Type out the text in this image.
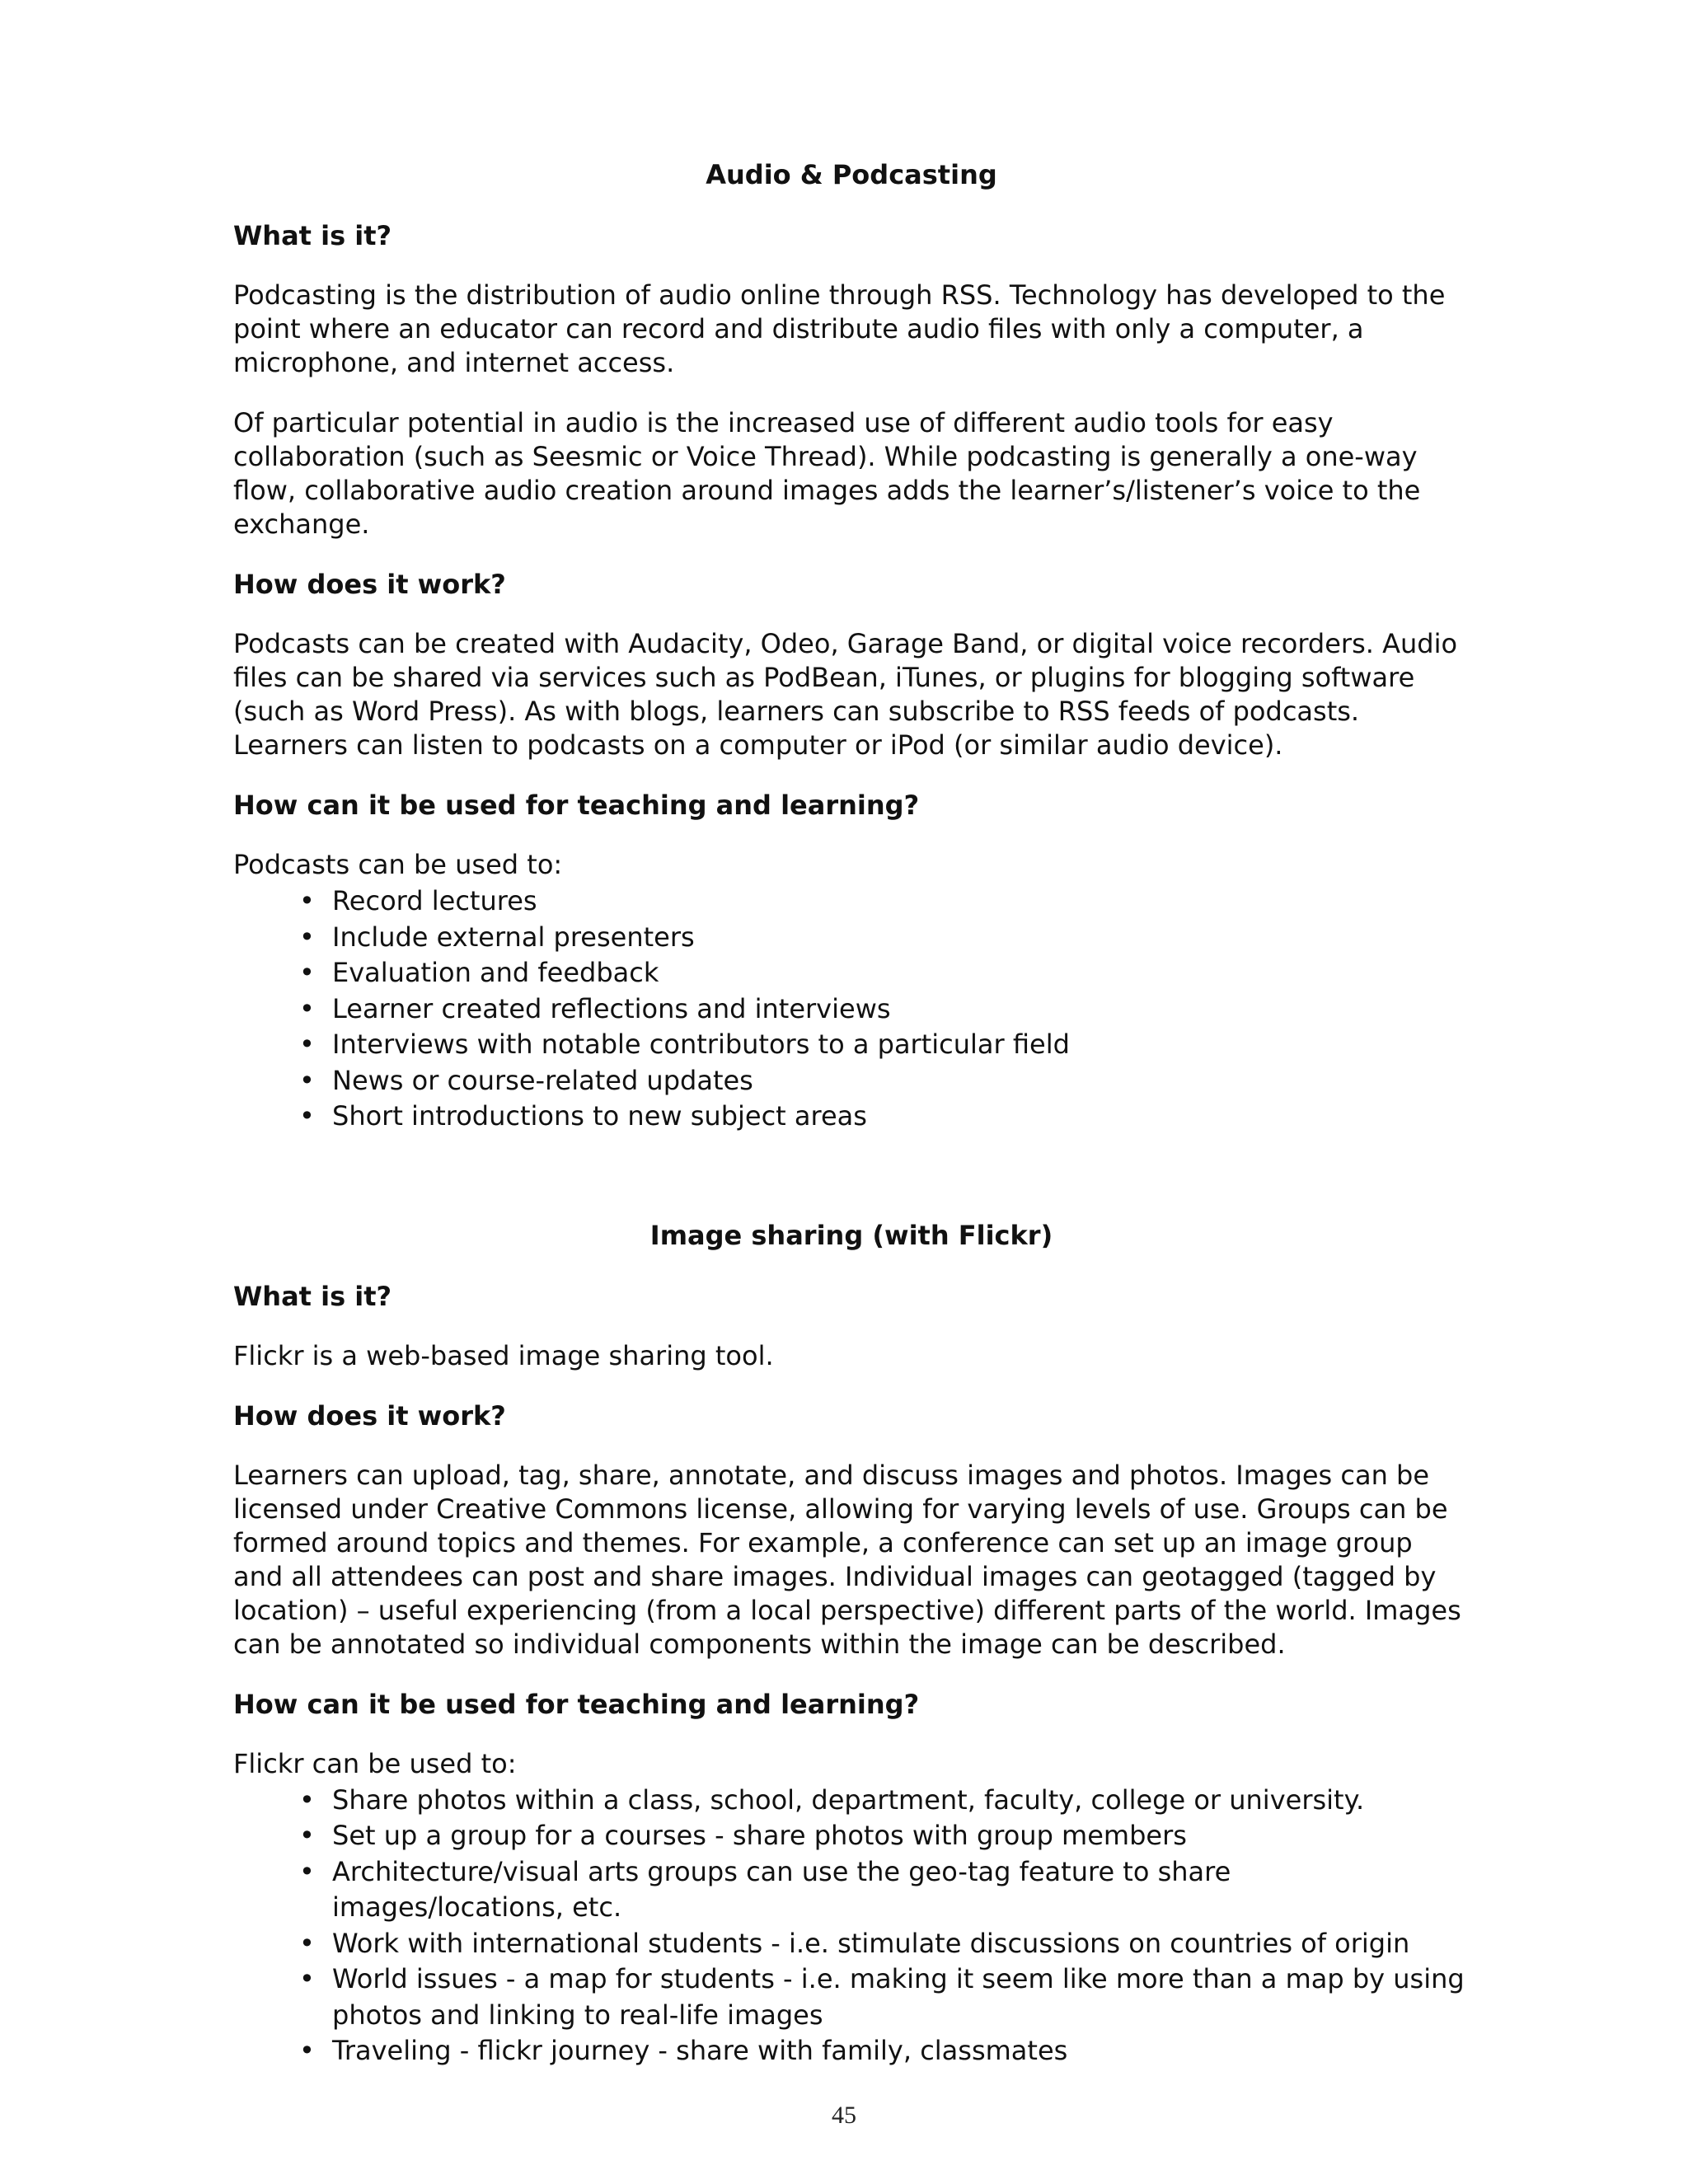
Audio & Podcasting
What is it?

Podcasting is the distribution of audio online through RSS. Technology has developed to the point where an educator can record and distribute audio files with only a computer, a microphone, and internet access.

Of particular potential in audio is the increased use of different audio tools for easy collaboration (such as Seesmic or Voice Thread). While podcasting is generally a one-way flow, collaborative audio creation around images adds the learner’s/listener’s voice to the exchange.

How does it work?

Podcasts can be created with Audacity, Odeo, Garage Band, or digital voice recorders. Audio files can be shared via services such as PodBean, iTunes, or plugins for blogging software (such as Word Press). As with blogs, learners can subscribe to RSS feeds of podcasts. Learners can listen to podcasts on a computer or iPod (or similar audio device).

How can it be used for teaching and learning?

Podcasts can be used to:

• Record lectures
• Include external presenters
• Evaluation and feedback
• Learner created reflections and interviews
• Interviews with notable contributors to a particular field
• News or course-related updates
• Short introductions to new subject areas
Image sharing (with Flickr)
What is it?

Flickr is a web-based image sharing tool.

How does it work?

Learners can upload, tag, share, annotate, and discuss images and photos. Images can be licensed under Creative Commons license, allowing for varying levels of use. Groups can be formed around topics and themes. For example, a conference can set up an image group and all attendees can post and share images. Individual images can geotagged (tagged by location) – useful experiencing (from a local perspective) different parts of the world. Images can be annotated so individual components within the image can be described.

How can it be used for teaching and learning?

Flickr can be used to:

• Share photos within a class, school, department, faculty, college or university.
• Set up a group for a courses - share photos with group members
• Architecture/visual arts groups can use the geo-tag feature to share images/locations, etc.
• Work with international students - i.e. stimulate discussions on countries of origin
• World issues - a map for students - i.e. making it seem like more than a map by using photos and linking to real-life images
• Traveling - flickr journey - share with family, classmates
45
